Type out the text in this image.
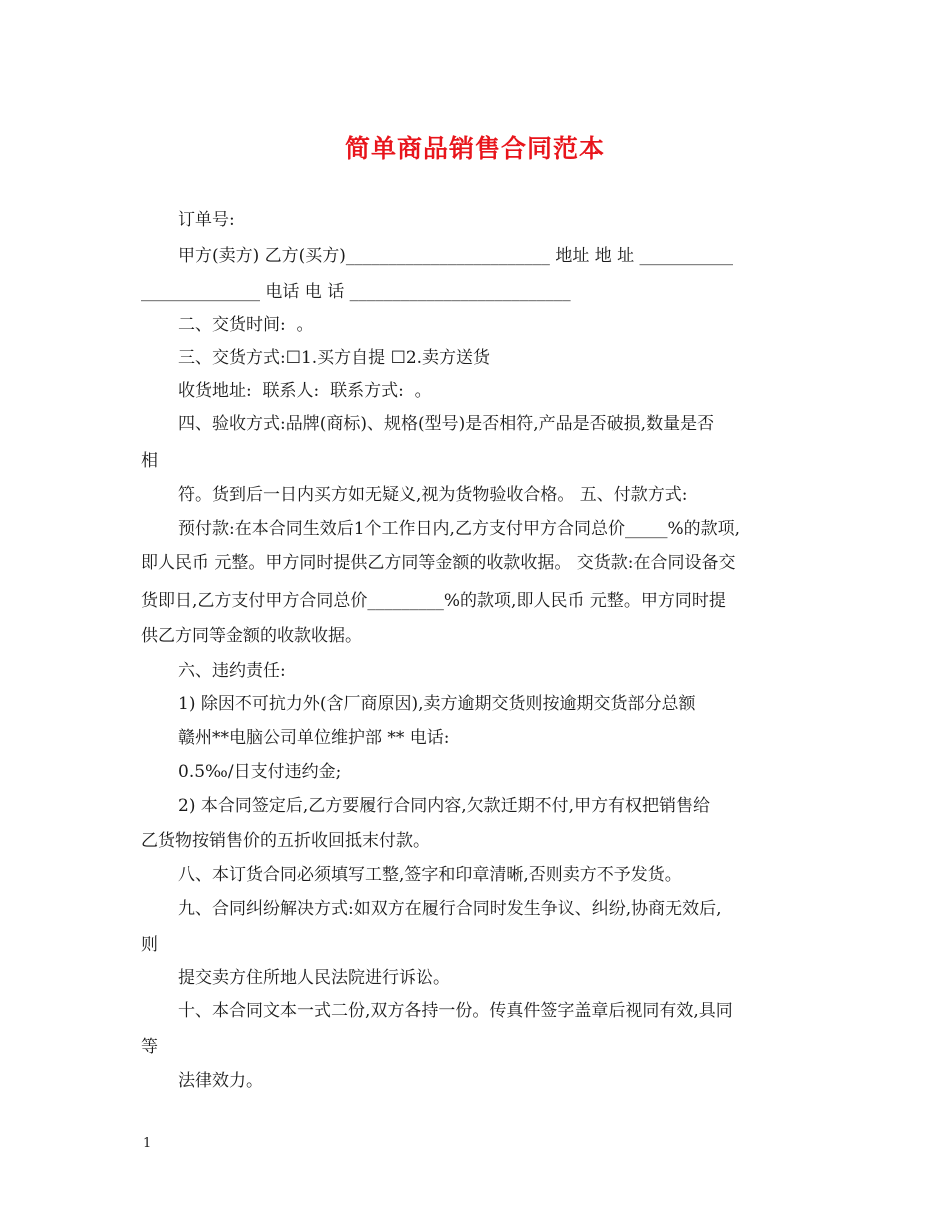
简单商品销售合同范本
订单号:
甲方(卖方) 乙方(买方)________________________ 地址 地 址 ___________
______________ 电话 电 话 __________________________
二、交货时间:  。
三、交货方式:☐1.买方自提 ☐2.卖方送货
收货地址:  联系人:  联系方式:  。
四、验收方式:品牌(商标)、规格(型号)是否相符,产品是否破损,数量是否
相
符。货到后一日内买方如无疑义,视为货物验收合格。 五、付款方式:
预付款:在本合同生效后1个工作日内,乙方支付甲方合同总价_____%的款项,
即人民币 元整。甲方同时提供乙方同等金额的收款收据。 交货款:在合同设备交
货即日,乙方支付甲方合同总价_________%的款项,即人民币 元整。甲方同时提
供乙方同等金额的收款收据。
六、违约责任:
1) 除因不可抗力外(含厂商原因),卖方逾期交货则按逾期交货部分总额
赣州**电脑公司单位维护部 ** 电话:
0.5‰/日支付违约金;
2) 本合同签定后,乙方要履行合同内容,欠款迁期不付,甲方有权把销售给
乙货物按销售价的五折收回抵末付款。
八、本订货合同必须填写工整,签字和印章清晰,否则卖方不予发货。
九、合同纠纷解决方式:如双方在履行合同时发生争议、纠纷,协商无效后,
则
提交卖方住所地人民法院进行诉讼。
十、本合同文本一式二份,双方各持一份。传真件签字盖章后视同有效,具同
等
法律效力。
1
